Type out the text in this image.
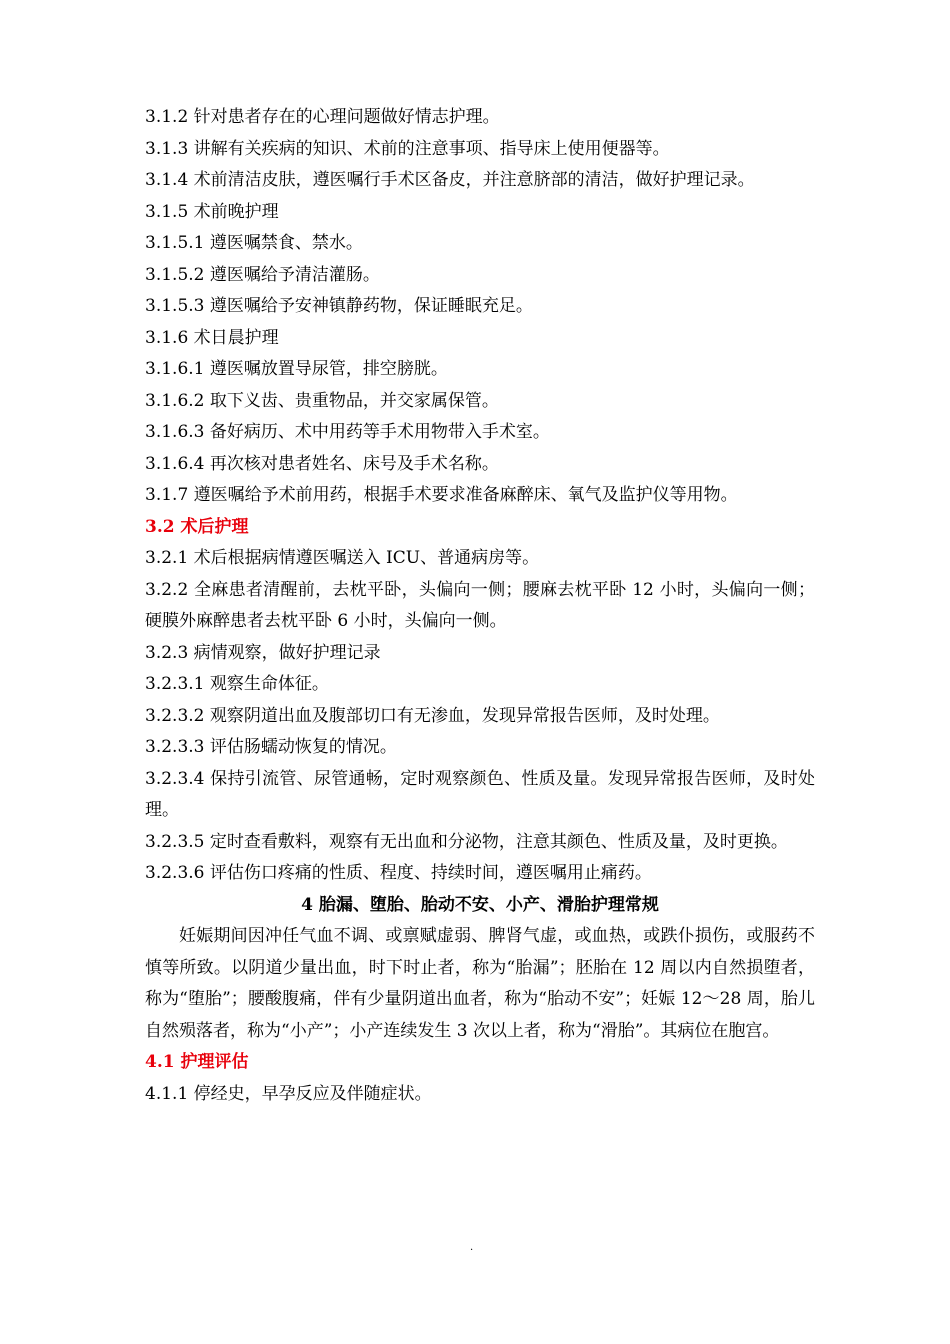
3.1.2 针对患者存在的心理问题做好情志护理。
3.1.3 讲解有关疾病的知识、术前的注意事项、指导床上使用便器等。
3.1.4 术前清洁皮肤，遵医嘱行手术区备皮，并注意脐部的清洁，做好护理记录。
3.1.5 术前晚护理
3.1.5.1 遵医嘱禁食、禁水。
3.1.5.2 遵医嘱给予清洁灌肠。
3.1.5.3 遵医嘱给予安神镇静药物，保证睡眠充足。
3.1.6 术日晨护理
3.1.6.1 遵医嘱放置导尿管，排空膀胱。
3.1.6.2 取下义齿、贵重物品，并交家属保管。
3.1.6.3 备好病历、术中用药等手术用物带入手术室。
3.1.6.4 再次核对患者姓名、床号及手术名称。
3.1.7 遵医嘱给予术前用药，根据手术要求准备麻醉床、氧气及监护仪等用物。
3.2 术后护理
3.2.1 术后根据病情遵医嘱送入 ICU、普通病房等。
3.2.2 全麻患者清醒前，去枕平卧，头偏向一侧；腰麻去枕平卧 12 小时，头偏向一侧；硬膜外麻醉患者去枕平卧 6 小时，头偏向一侧。
3.2.3 病情观察，做好护理记录
3.2.3.1 观察生命体征。
3.2.3.2 观察阴道出血及腹部切口有无渗血，发现异常报告医师，及时处理。
3.2.3.3 评估肠蠕动恢复的情况。
3.2.3.4 保持引流管、尿管通畅，定时观察颜色、性质及量。发现异常报告医师，及时处理。
3.2.3.5 定时查看敷料，观察有无出血和分泌物，注意其颜色、性质及量，及时更换。
3.2.3.6 评估伤口疼痛的性质、程度、持续时间，遵医嘱用止痛药。
4 胎漏、堕胎、胎动不安、小产、滑胎护理常规
妊娠期间因冲任气血不调、或禀赋虚弱、脾肾气虚，或血热，或跌仆损伤，或服药不慎等所致。以阴道少量出血，时下时止者，称为“胎漏”；胚胎在 12 周以内自然损堕者，称为“堕胎”；腰酸腹痛，伴有少量阴道出血者，称为“胎动不安”；妊娠 12～28 周，胎儿自然殒落者，称为“小产”；小产连续发生 3 次以上者，称为“滑胎”。其病位在胞宫。
4.1 护理评估
4.1.1 停经史，早孕反应及伴随症状。
.
